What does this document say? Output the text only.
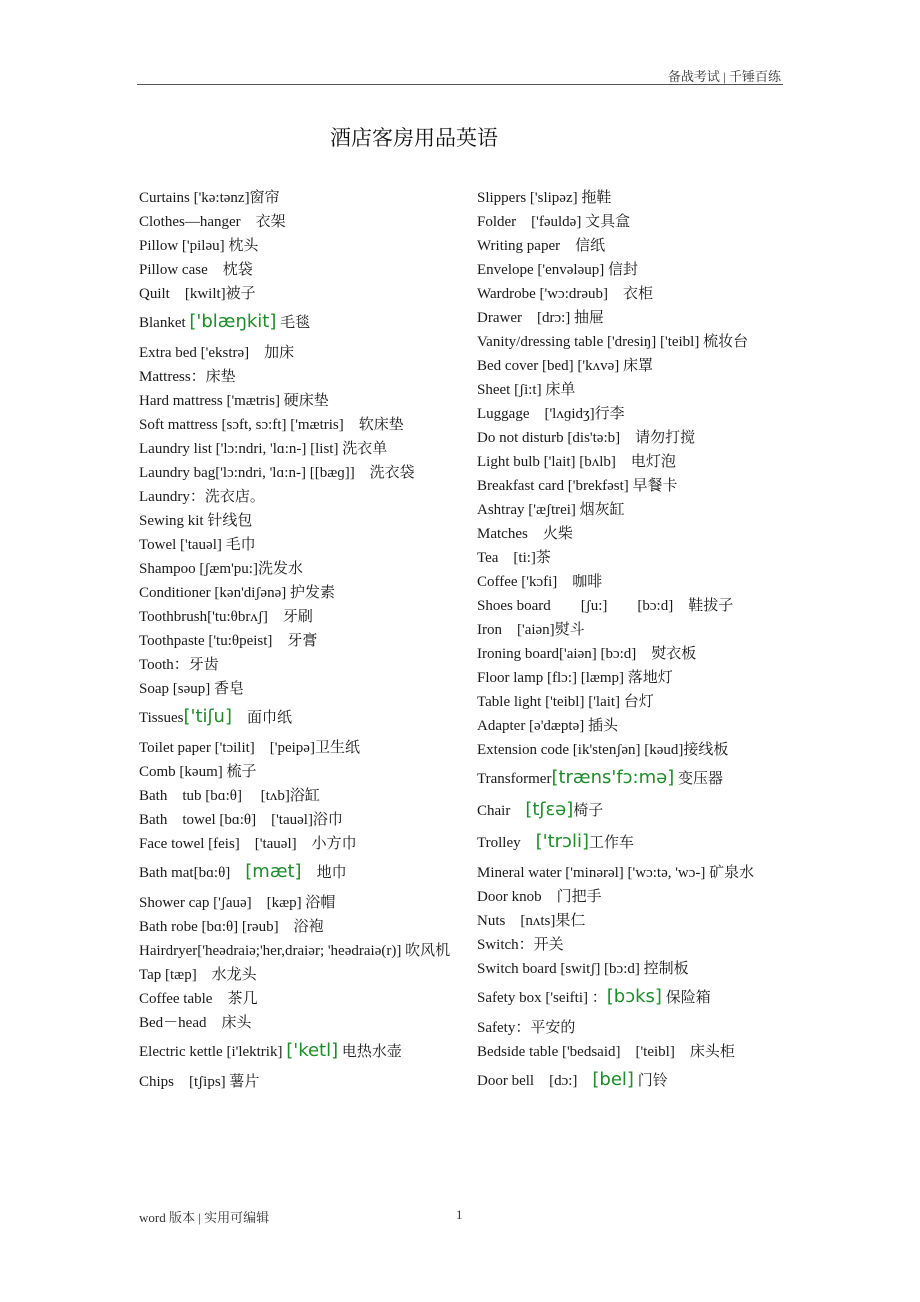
备战考试 | 千锤百练
酒店客房用品英语
Curtains ['kə:tənz]窗帘
Clothes—hanger　衣架
Pillow ['piləu] 枕头
Pillow case　枕袋
Quilt　[kwilt]被子
Blanket ['blæŋkit] 毛毯
Extra bed ['ekstrə]　加床
Mattress：床垫
Hard mattress ['mætris] 硬床垫
Soft mattress [sɔft, sɔ:ft] ['mætris]　软床垫
Laundry list ['lɔ:ndri, 'lɑ:n-] [list] 洗衣单
Laundry bag['lɔ:ndri, 'lɑ:n-] [[bæɡ]]　洗衣袋
Laundry：洗衣店。
Sewing kit 针线包
Towel ['tauəl] 毛巾
Shampoo [ʃæm'pu:]洗发水
Conditioner [kən'diʃənə] 护发素
Toothbrush['tu:θbrʌʃ]　牙刷
Toothpaste ['tu:θpeist]　牙膏
Tooth：牙齿
Soap [səup] 香皂
Tissues['tiʃu]　面巾纸
Toilet paper ['tɔilit]　['peipə]卫生纸
Comb [kəum] 梳子
Bath　tub [bɑ:θ]　 [tʌb]浴缸
Bath　towel [bɑ:θ]　['tauəl]浴巾
Face towel [feis]　['tauəl]　小方巾
Bath mat[bɑ:θ]　[mæt]　地巾
Shower cap ['ʃauə]　[kæp] 浴帽
Bath robe [bɑ:θ] [rəub]　浴袍
Hairdryer['heədraiə;'her,draiər; 'heədraiə(r)] 吹风机
Tap [tæp]　水龙头
Coffee table　茶几
Bed－head　床头
Electric kettle [i'lektrik] ['ketl] 电热水壶
Chips　[tʃips] 薯片
Slippers ['slipəz] 拖鞋
Folder　['fəuldə] 文具盒
Writing paper　信纸
Envelope ['envələup] 信封
Wardrobe ['wɔ:drəub]　衣柜
Drawer　[drɔ:] 抽屉
Vanity/dressing table ['dresiŋ] ['teibl] 梳妆台
Bed cover [bed] ['kʌvə] 床罩
Sheet [ʃi:t] 床单
Luggage　['lʌɡidʒ]行李
Do not disturb [dis'tə:b]　请勿打搅
Light bulb ['lait] [bʌlb]　电灯泡
Breakfast card ['brekfəst] 早餐卡
Ashtray ['æʃtrei] 烟灰缸
Matches　火柴
Tea　[ti:]茶
Coffee ['kɔfi]　咖啡
Shoes board　　[ʃu:]　　[bɔ:d]　鞋拔子
Iron　['aiən]熨斗
Ironing board['aiən] [bɔ:d]　熨衣板
Floor lamp [flɔ:] [læmp] 落地灯
Table light ['teibl] ['lait] 台灯
Adapter [ə'dæptə] 插头
Extension code [ik'stenʃən] [kəud]接线板
Transformer[træns'fɔ:mə] 变压器
Chair　[tʃɛə]椅子
Trolley　['trɔli]工作车
Mineral water ['minərəl] ['wɔ:tə, 'wɔ-] 矿泉水
Door knob　门把手
Nuts　[nʌts]果仁
Switch：开关
Switch board [switʃ] [bɔ:d] 控制板
Safety box ['seifti] ：[bɔks] 保险箱
Safety：平安的
Bedside table ['bedsaid]　['teibl]　床头柜
Door bell　[dɔ:]　[bel] 门铃
word 版本 | 实用可编辑	1
